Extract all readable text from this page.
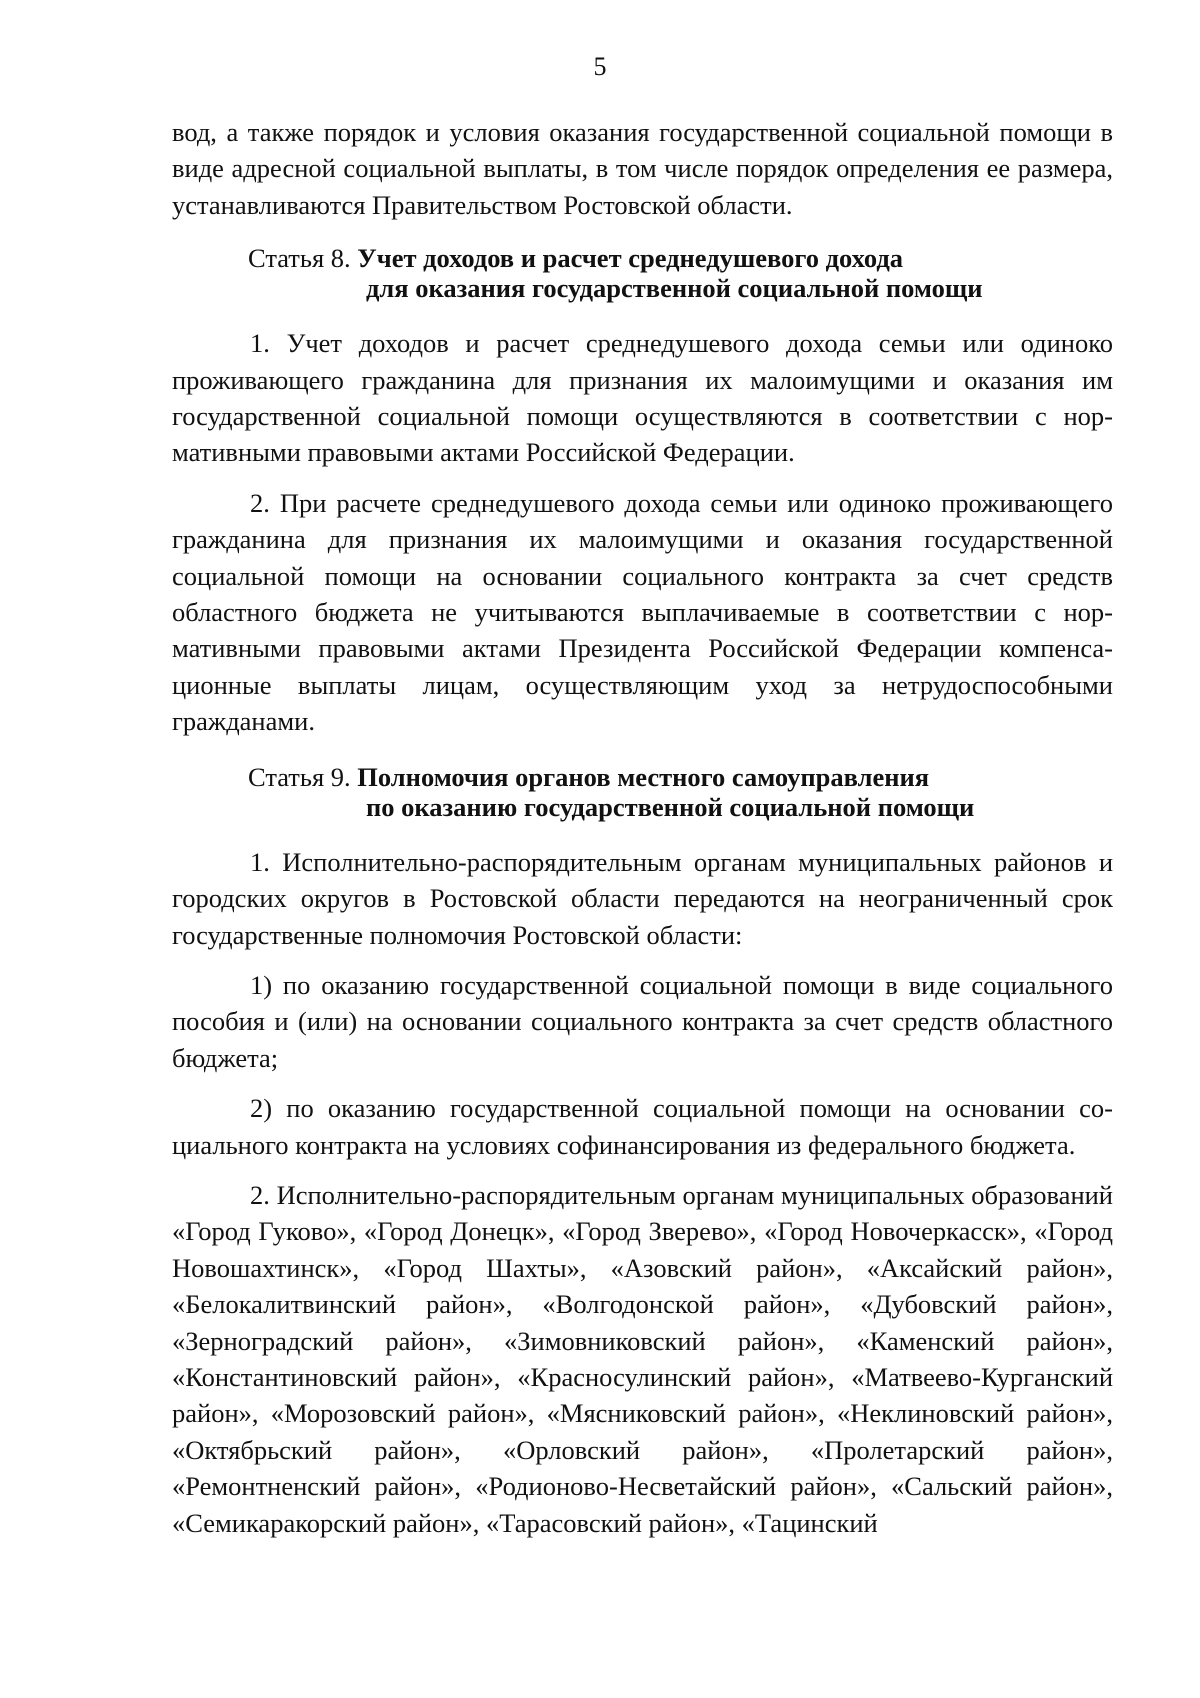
5

вод, а также порядок и условия оказания государственной социальной помощи в виде адресной социальной выплаты, в том числе порядок определения ее размера, устанавливаются Правительством Ростовской области.

Статья 8. Учет доходов и расчет среднедушевого дохода
для оказания государственной социальной помощи

1. Учет доходов и расчет среднедушевого дохода семьи или одиноко проживающего гражданина для признания их малоимущими и оказания им государственной социальной помощи осуществляются в соответствии с нормативными правовыми актами Российской Федерации.

2. При расчете среднедушевого дохода семьи или одиноко проживающего гражданина для признания их малоимущими и оказания государственной социальной помощи на основании социального контракта за счет средств областного бюджета не учитываются выплачиваемые в соответствии с нормативными правовыми актами Президента Российской Федерации компенсационные выплаты лицам, осуществляющим уход за нетрудоспособными гражданами.

Статья 9. Полномочия органов местного самоуправления
по оказанию государственной социальной помощи

1. Исполнительно-распорядительным органам муниципальных районов и городских округов в Ростовской области передаются на неограниченный срок государственные полномочия Ростовской области:

1) по оказанию государственной социальной помощи в виде социального пособия и (или) на основании социального контракта за счет средств областного бюджета;

2) по оказанию государственной социальной помощи на основании социального контракта на условиях софинансирования из федерального бюджета.

2. Исполнительно-распорядительным органам муниципальных образований «Город Гуково», «Город Донецк», «Город Зверево», «Город Новочеркасск», «Город Новошахтинск», «Город Шахты», «Азовский район», «Аксайский район», «Белокалитвинский район», «Волгодонской район», «Дубовский район», «Зерноградский район», «Зимовниковский район», «Каменский район», «Константиновский район», «Красносулинский район», «Матвеево-Курганский район», «Морозовский район», «Мясниковский район», «Неклиновский район», «Октябрьский район», «Орловский район», «Пролетарский район», «Ремонтненский район», «Родионово-Несветайский район», «Сальский район», «Семикаракорский район», «Тарасовский район», «Тацинский
